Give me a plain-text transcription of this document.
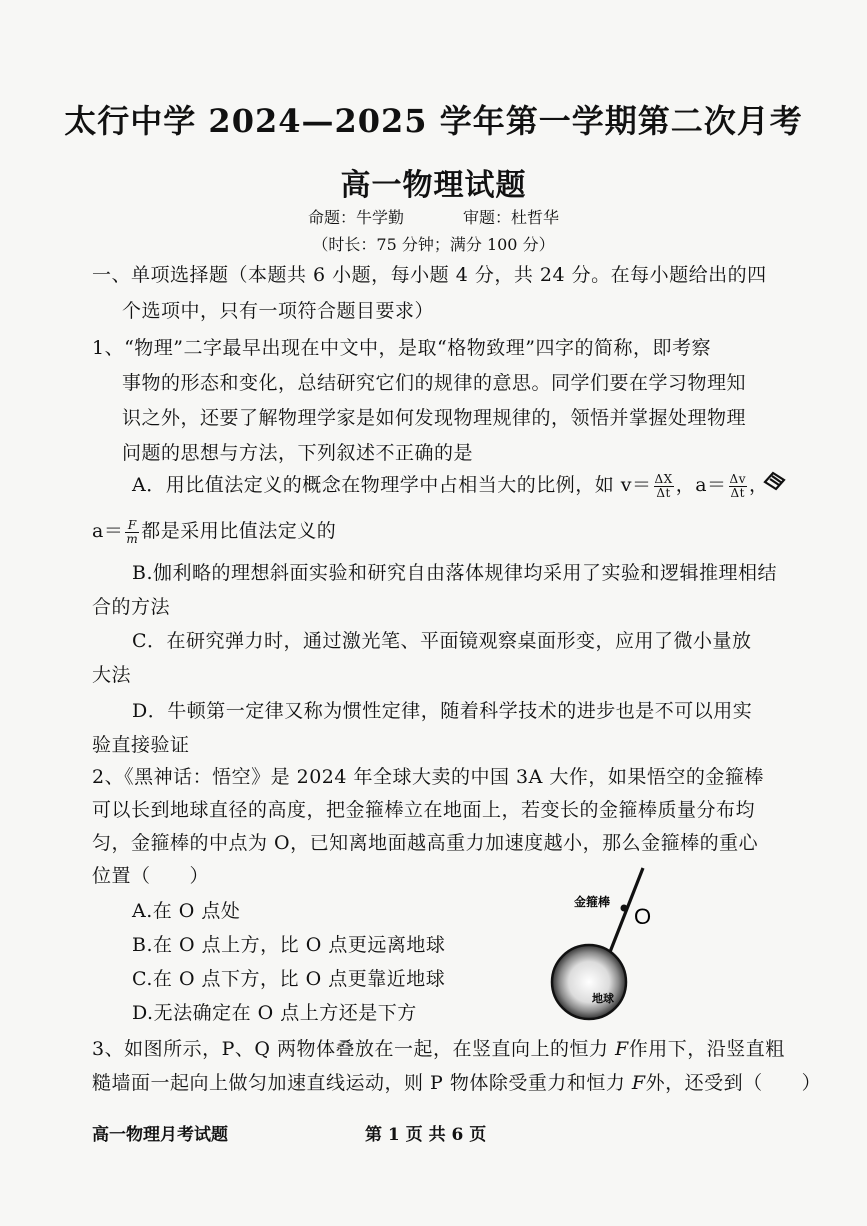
太行中学 2024—2025 学年第一学期第二次月考
高一物理试题
命题：牛学勤	审题：杜哲华
（时长：75 分钟；满分 100 分）
一、单项选择题（本题共 6 小题，每小题 4 分，共 24 分。在每小题给出的四
个选项中，只有一项符合题目要求）
1、“物理”二字最早出现在中文中，是取“格物致理”四字的简称，即考察
事物的形态和变化，总结研究它们的规律的意思。同学们要在学习物理知
识之外，还要了解物理学家是如何发现物理规律的，领悟并掌握处理物理
问题的思想与方法，下列叙述不正确的是
A．用比值法定义的概念在物理学中占相当大的比例，如 $v= \frac{\Delta X}{\Delta t}$ ，$a= \frac{\Delta v}{\Delta t}$ ，
$a= \frac{F}{m}$ 都是采用比值法定义的
B.伽利略的理想斜面实验和研究自由落体规律均采用了实验和逻辑推理相结
合的方法
C．在研究弹力时，通过激光笔、平面镜观察桌面形变，应用了微小量放
大法
D．牛顿第一定律又称为惯性定律，随着科学技术的进步也是不可以用实
验直接验证
2、《黑神话：悟空》是 2024 年全球大卖的中国 3A 大作，如果悟空的金箍棒
可以长到地球直径的高度，把金箍棒立在地面上，若变长的金箍棒质量分布均
匀，金箍棒的中点为 O，已知离地面越高重力加速度越小，那么金箍棒的重心
位置（　　）
A.在 O 点处
B.在 O 点上方，比 O 点更远离地球
C.在 O 点下方，比 O 点更靠近地球
D.无法确定在 O 点上方还是下方
金箍棒
O
地球
3、如图所示，P、Q 两物体叠放在一起，在竖直向上的恒力 F作用下，沿竖直粗
糙墙面一起向上做匀加速直线运动，则 P 物体除受重力和恒力 F外，还受到（　　）
高一物理月考试题	第 1 页 共 6 页
